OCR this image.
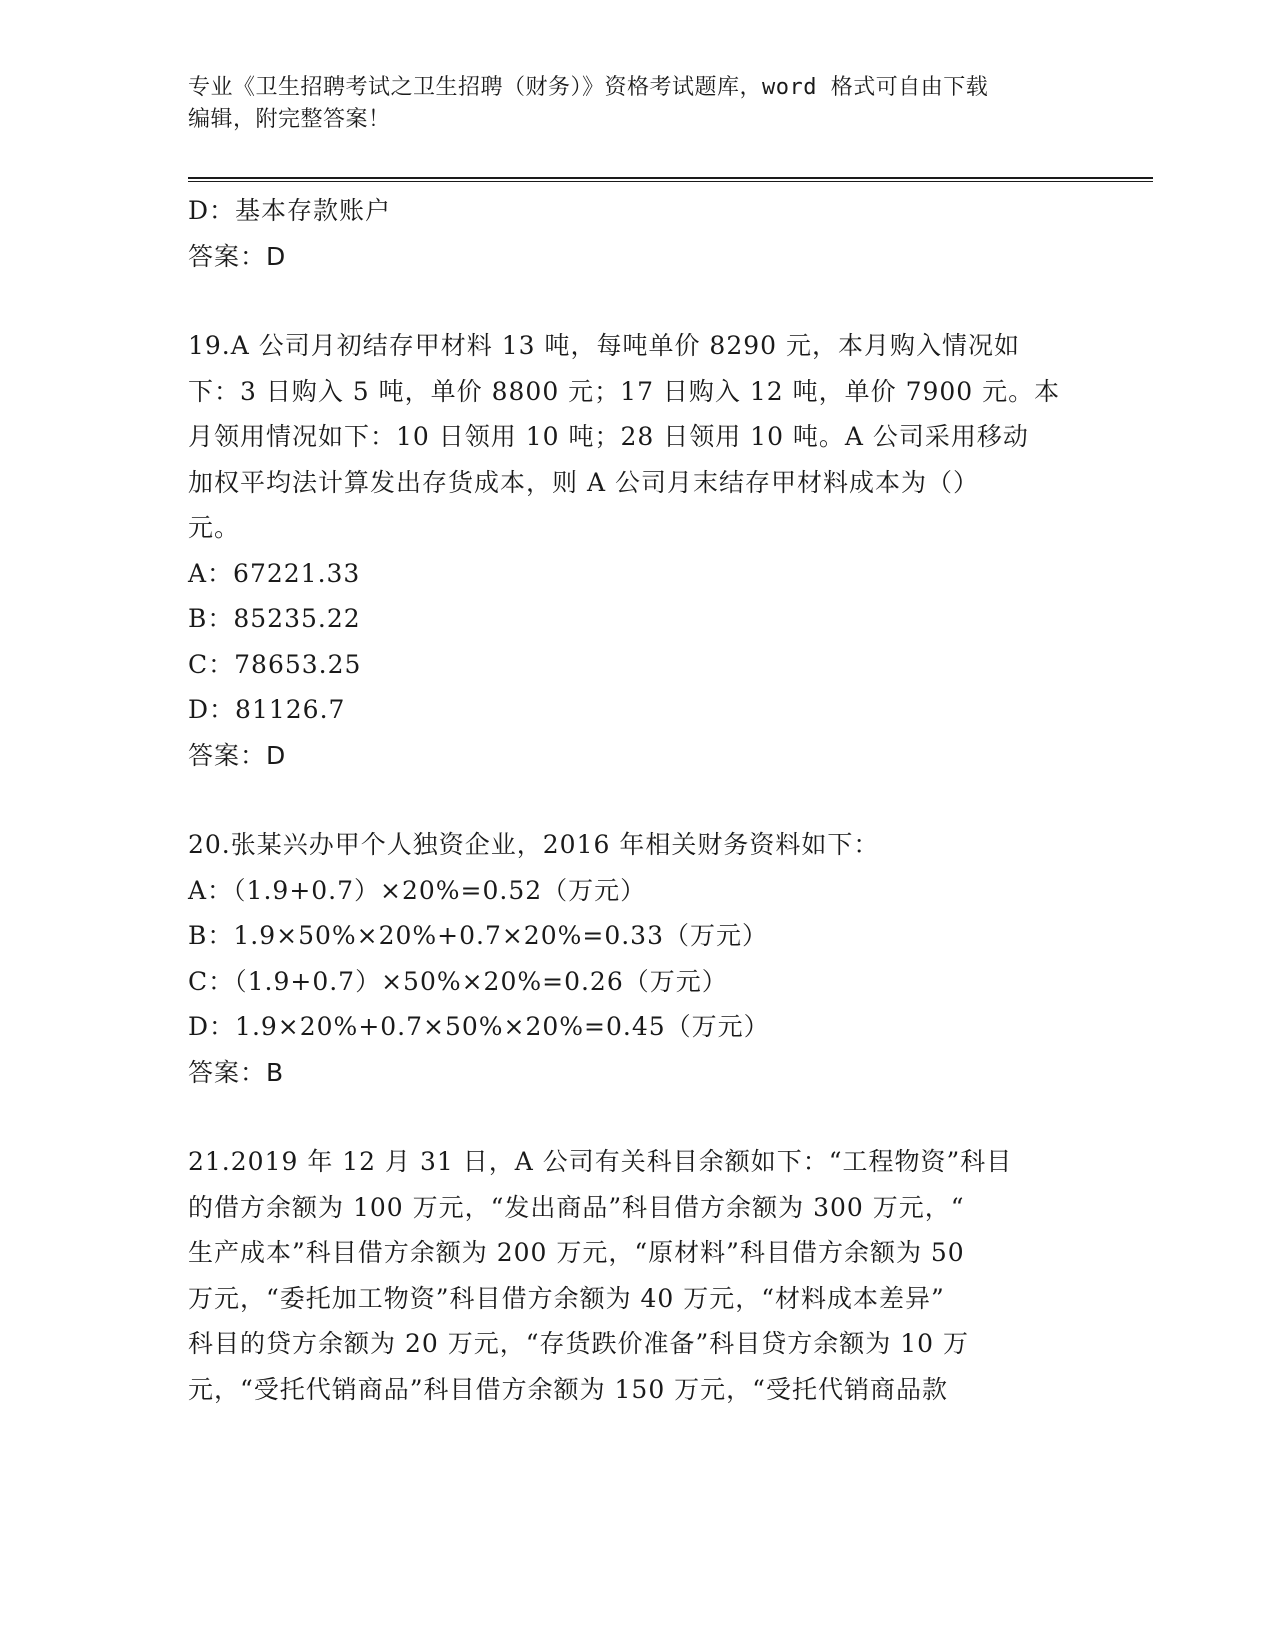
专业《卫生招聘考试之卫生招聘（财务）》资格考试题库，word 格式可自由下载
编辑，附完整答案！
D：基本存款账户
答案：D
19.A 公司月初结存甲材料 13 吨，每吨单价 8290 元，本月购入情况如
下：3 日购入 5 吨，单价 8800 元；17 日购入 12 吨，单价 7900 元。本
月领用情况如下：10 日领用 10 吨；28 日领用 10 吨。A 公司采用移动
加权平均法计算发出存货成本，则 A 公司月末结存甲材料成本为（）
元。
A：67221.33
B：85235.22
C：78653.25
D：81126.7
答案：D
20.张某兴办甲个人独资企业，2016 年相关财务资料如下：
A：（1.9+0.7）×20%=0.52（万元）
B：1.9×50%×20%+0.7×20%=0.33（万元）
C：（1.9+0.7）×50%×20%=0.26（万元）
D：1.9×20%+0.7×50%×20%=0.45（万元）
答案：B
21.2019 年 12 月 31 日，A 公司有关科目余额如下：“工程物资”科目
的借方余额为 100 万元，“发出商品”科目借方余额为 300 万元，“
生产成本”科目借方余额为 200 万元，“原材料”科目借方余额为 50
万元，“委托加工物资”科目借方余额为 40 万元，“材料成本差异”
科目的贷方余额为 20 万元，“存货跌价准备”科目贷方余额为 10 万
元，“受托代销商品”科目借方余额为 150 万元，“受托代销商品款
